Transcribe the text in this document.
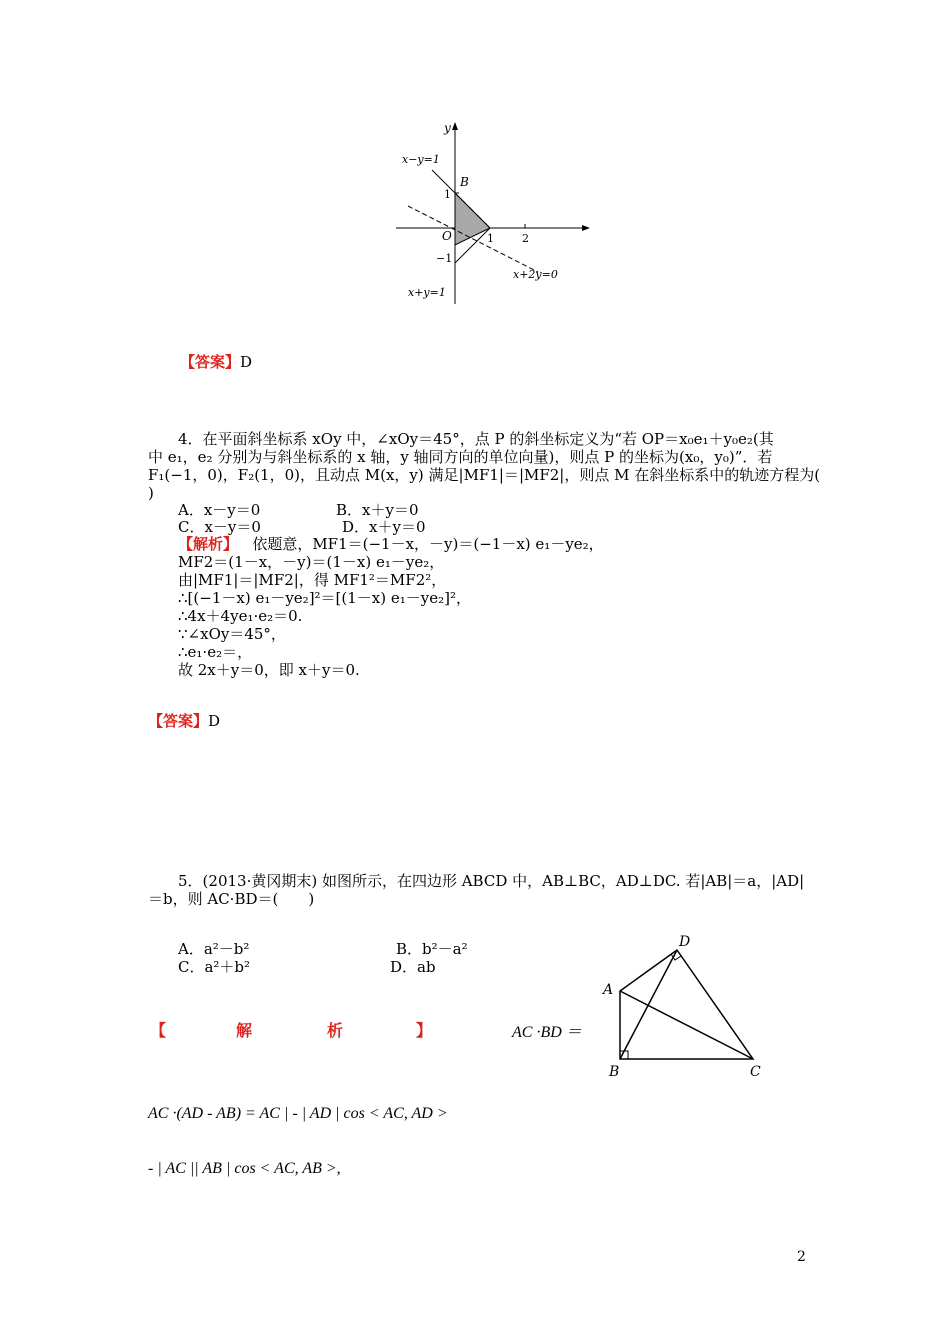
y
x−y=1
B
1
O	1	2
−1
x+2y=0
x+y=1
【答案】D
4．在平面斜坐标系 xOy 中，∠xOy＝45°，点 P 的斜坐标定义为“若 OP＝x₀e₁＋y₀e₂(其
中 e₁，e₂ 分别为与斜坐标系的 x 轴，y 轴同方向的单位向量)，则点 P 的坐标为(x₀，y₀)”．若
F₁(−1，0)，F₂(1，0)，且动点 M(x，y) 满足|MF1|＝|MF2|，则点 M 在斜坐标系中的轨迹方程为(
)
A．x－y＝0	B．x＋y＝0
C．x－y＝0	D．x＋y＝0
【解析】 依题意，MF1＝(−1－x，－y)＝(−1－x) e₁－ye₂，
MF2＝(1－x，－y)＝(1－x) e₁－ye₂，
由|MF1|＝|MF2|，得 MF1²＝MF2²，
∴[(−1－x) e₁－ye₂]²＝[(1－x) e₁－ye₂]²，
∴4x＋4ye₁·e₂＝0.
∵∠xOy＝45°，
∴e₁·e₂＝，
故 2x＋y＝0，即 x＋y＝0.
【答案】D
5．(2013·黄冈期末) 如图所示，在四边形 ABCD 中，AB⊥BC，AD⊥DC. 若|AB|＝a，|AD|
＝b，则 AC·BD＝(　　)
A．a²－b²	B．b²－a²
C．a²＋b²	D．ab
D
A
B	C
【	解	析	】	AC ·BD ＝
AC ·(AD - AB) = AC | - | AD | cos < AC, AD >
- | AC || AB | cos < AC, AB >,
2
